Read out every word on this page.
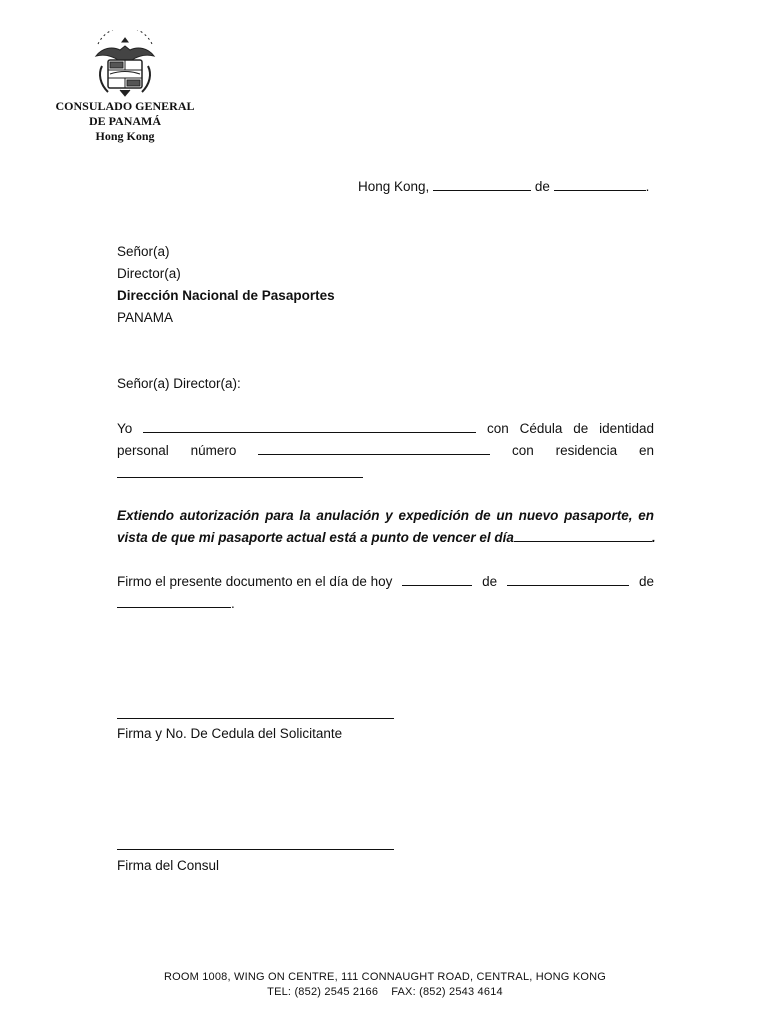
CONSULADO GENERAL
DE PANAMÁ
Hong Kong
Hong Kong,	de	.
Señor(a)
Director(a)
Dirección Nacional de Pasaportes
PANAMA
Señor(a) Director(a):
Yo	con Cédula de identidad
personal número	con residencia en
Extiendo autorización para la anulación y expedición de un nuevo pasaporte, en
vista de que mi pasaporte actual está a punto de vencer el día	.
Firmo el presente documento en el día de hoy	de	de
.
Firma y No. De Cedula del Solicitante
Firma del Consul
ROOM 1008, WING ON CENTRE, 111 CONNAUGHT ROAD, CENTRAL, HONG KONG
TEL: (852) 2545 2166    FAX: (852) 2543 4614
